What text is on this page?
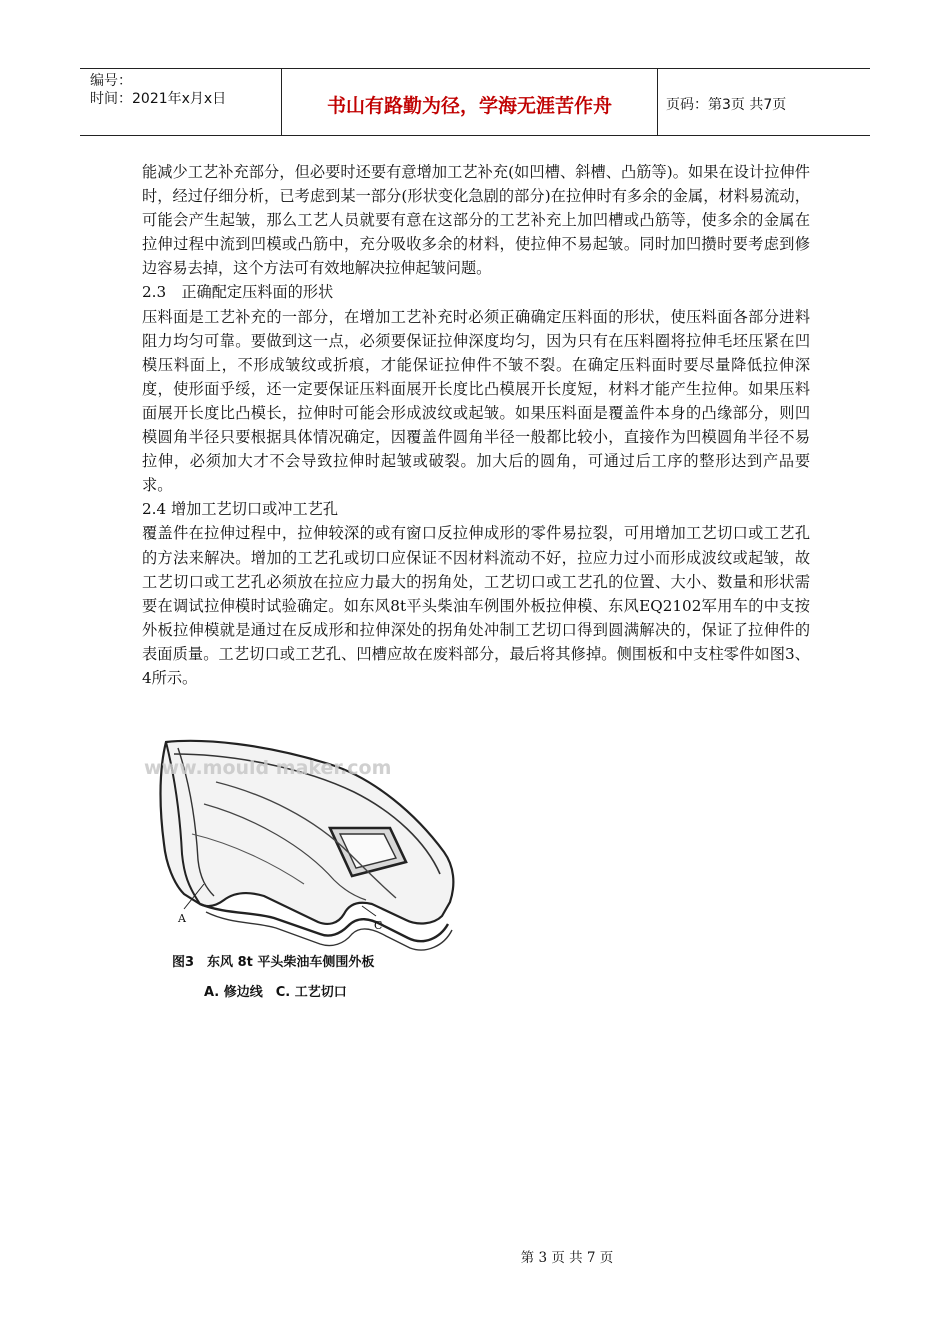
编号：
时间：2021年x月x日	书山有路勤为径，学海无涯苦作舟	页码：第3页 共7页

能减少工艺补充部分，但必要时还要有意增加工艺补充(如凹槽、斜槽、凸筋等)。如果在设计拉伸件时，经过仔细分析，已考虑到某一部分(形状变化急剧的部分)在拉伸时有多余的金属，材料易流动，可能会产生起皱，那么工艺人员就要有意在这部分的工艺补充上加凹槽或凸筋等，使多余的金属在拉伸过程中流到凹模或凸筋中，充分吸收多余的材料，使拉伸不易起皱。同时加凹攒时要考虑到修边容易去掉，这个方法可有效地解决拉伸起皱问题。

2.3　正确配定压料面的形状

压料面是工艺补充的一部分，在增加工艺补充时必须正确确定压料面的形状，使压料面各部分进料阻力均匀可靠。要做到这一点，必须要保证拉伸深度均匀，因为只有在压料圈将拉伸毛坯压紧在凹模压料面上，不形成皱纹或折痕，才能保证拉伸件不皱不裂。在确定压料面时要尽量降低拉伸深度，使形面乎绥，还一定要保证压料面展开长度比凸模展开长度短，材料才能产生拉伸。如果压料面展开长度比凸模长，拉伸时可能会形成波纹或起皱。如果压料面是覆盖件本身的凸缘部分，则凹模圆角半径只要根据具体情况确定，因覆盖件圆角半径一般都比较小，直接作为凹模圆角半径不易拉伸，必须加大才不会导致拉伸时起皱或破裂。加大后的圆角，可通过后工序的整形达到产品要求。

2.4 增加工艺切口或冲工艺孔

覆盖件在拉伸过程中，拉伸较深的或有窗口反拉伸成形的零件易拉裂，可用增加工艺切口或工艺孔的方法来解决。增加的工艺孔或切口应保证不因材料流动不好，拉应力过小而形成波纹或起皱，故工艺切口或工艺孔必须放在拉应力最大的拐角处，工艺切口或工艺孔的位置、大小、数量和形状需要在调试拉伸模时试验确定。如东风8t平头柴油车例围外板拉伸模、东风EQ2102军用车的中支按外板拉伸模就是通过在反成形和拉伸深处的拐角处冲制工艺切口得到圆满解决的，保证了拉伸件的表面质量。工艺切口或工艺孔、凹槽应故在废料部分，最后将其修掉。侧围板和中支柱零件如图3、4所示。

A
C
www.mould maker.com
图3　东风 8t 平头柴油车侧围外板
A. 修边线　C. 工艺切口
第 3 页 共 7 页
